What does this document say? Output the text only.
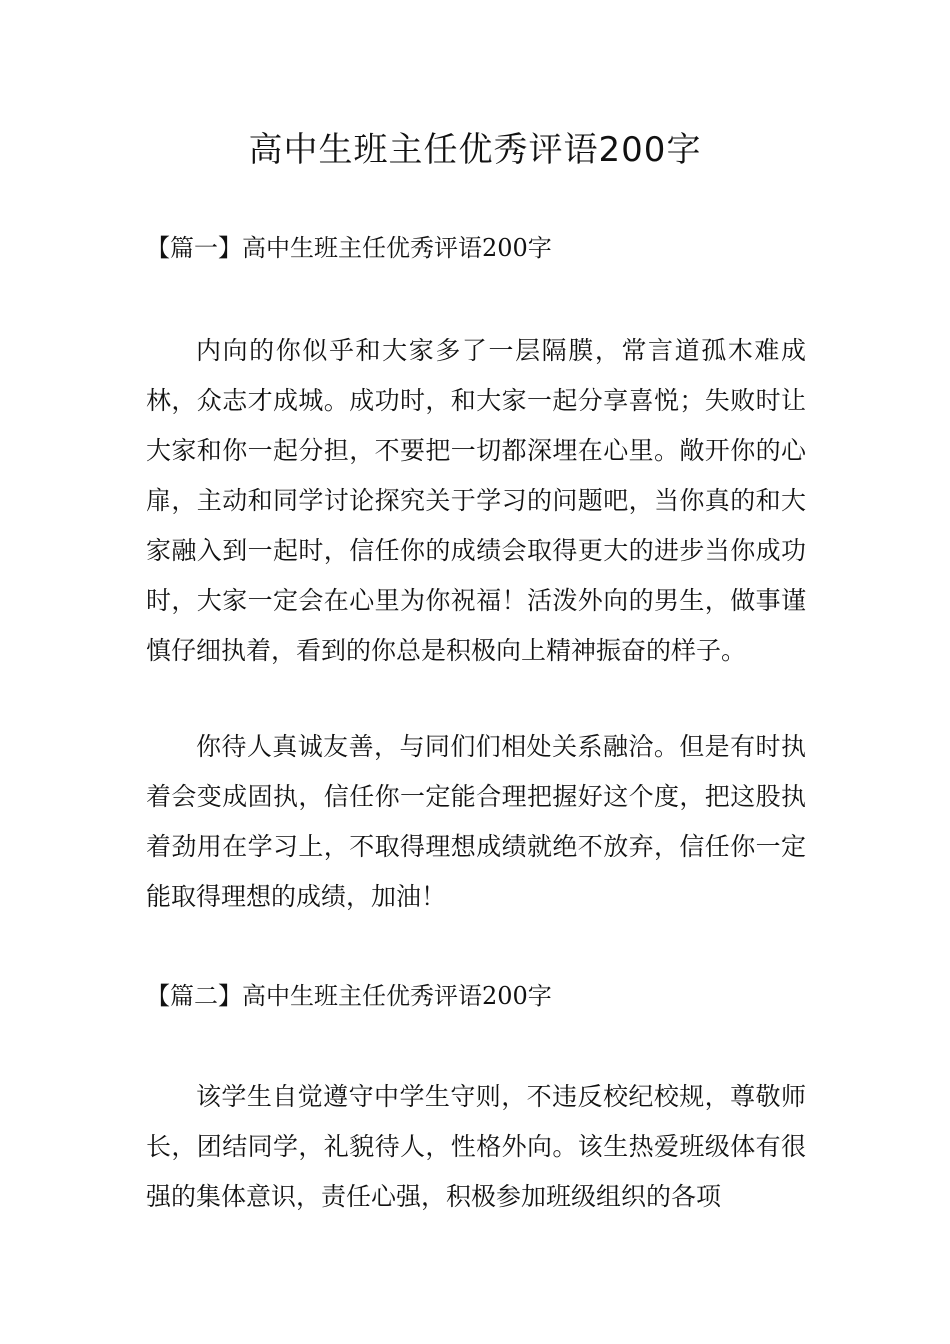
高中生班主任优秀评语200字
【篇一】高中生班主任优秀评语200字

内向的你似乎和大家多了一层隔膜，常言道孤木难成林，众志才成城。成功时，和大家一起分享喜悦；失败时让大家和你一起分担，不要把一切都深埋在心里。敞开你的心扉，主动和同学讨论探究关于学习的问题吧，当你真的和大家融入到一起时，信任你的成绩会取得更大的进步当你成功时，大家一定会在心里为你祝福！活泼外向的男生，做事谨慎仔细执着，看到的你总是积极向上精神振奋的样子。

你待人真诚友善，与同们们相处关系融洽。但是有时执着会变成固执，信任你一定能合理把握好这个度，把这股执着劲用在学习上，不取得理想成绩就绝不放弃，信任你一定能取得理想的成绩，加油！

【篇二】高中生班主任优秀评语200字

该学生自觉遵守中学生守则，不违反校纪校规，尊敬师长，团结同学，礼貌待人，性格外向。该生热爱班级体有很强的集体意识，责任心强，积极参加班级组织的各项
